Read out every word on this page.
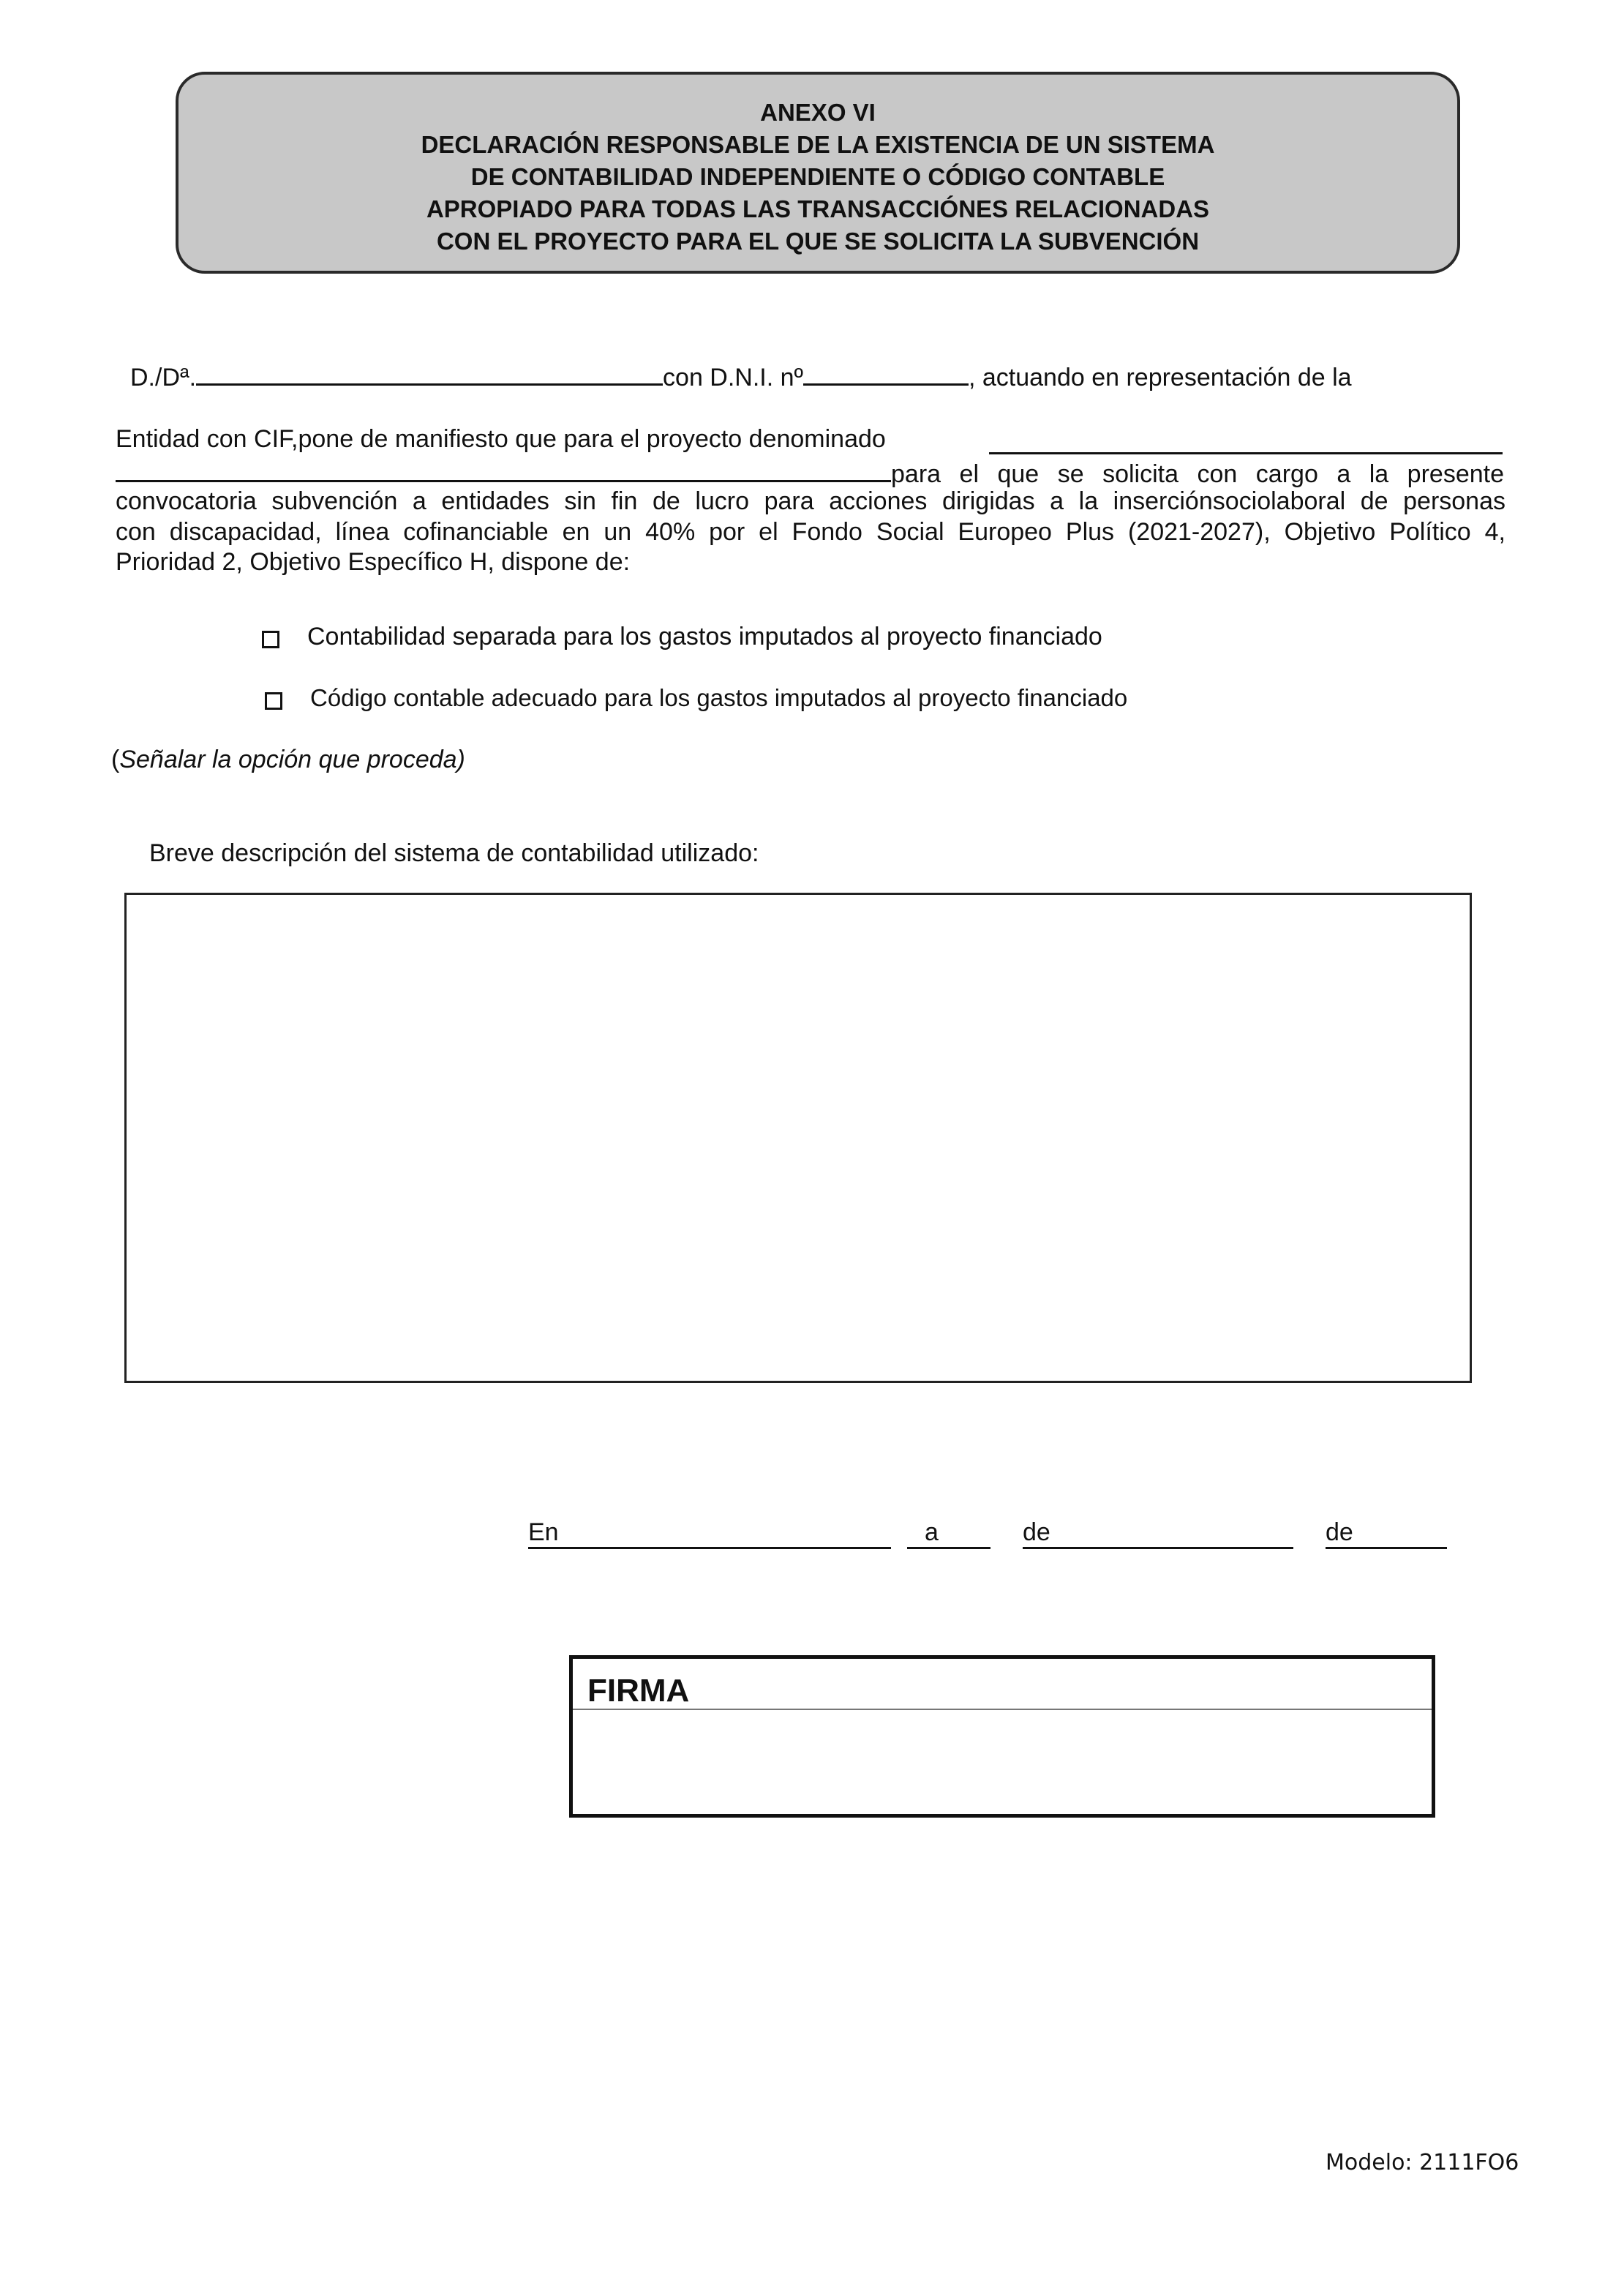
ANEXO VI
DECLARACIÓN RESPONSABLE DE LA EXISTENCIA DE UN SISTEMA
DE CONTABILIDAD INDEPENDIENTE O CÓDIGO CONTABLE
APROPIADO PARA TODAS LAS TRANSACCIÓNES RELACIONADAS
CON EL PROYECTO PARA EL QUE SE SOLICITA LA SUBVENCIÓN
D./Dª.	con D.N.I. nº	, actuando en representación de la
Entidad con CIF,pone de manifiesto que para el proyecto denominado
para el que se solicita con cargo a la presente
convocatoria subvención a entidades sin fin de lucro para acciones dirigidas a la inserciónsociolaboral de personas
con discapacidad, línea cofinanciable en un 40% por el Fondo Social Europeo Plus (2021-2027), Objetivo Político 4,
Prioridad 2, Objetivo Específico H, dispone de:
Contabilidad separada para los gastos imputados al proyecto financiado
Código contable adecuado para los gastos imputados al proyecto financiado
(Señalar la opción que proceda)
Breve descripción del sistema de contabilidad utilizado:
En	a	de	de
FIRMA
Modelo: 2111FO6
